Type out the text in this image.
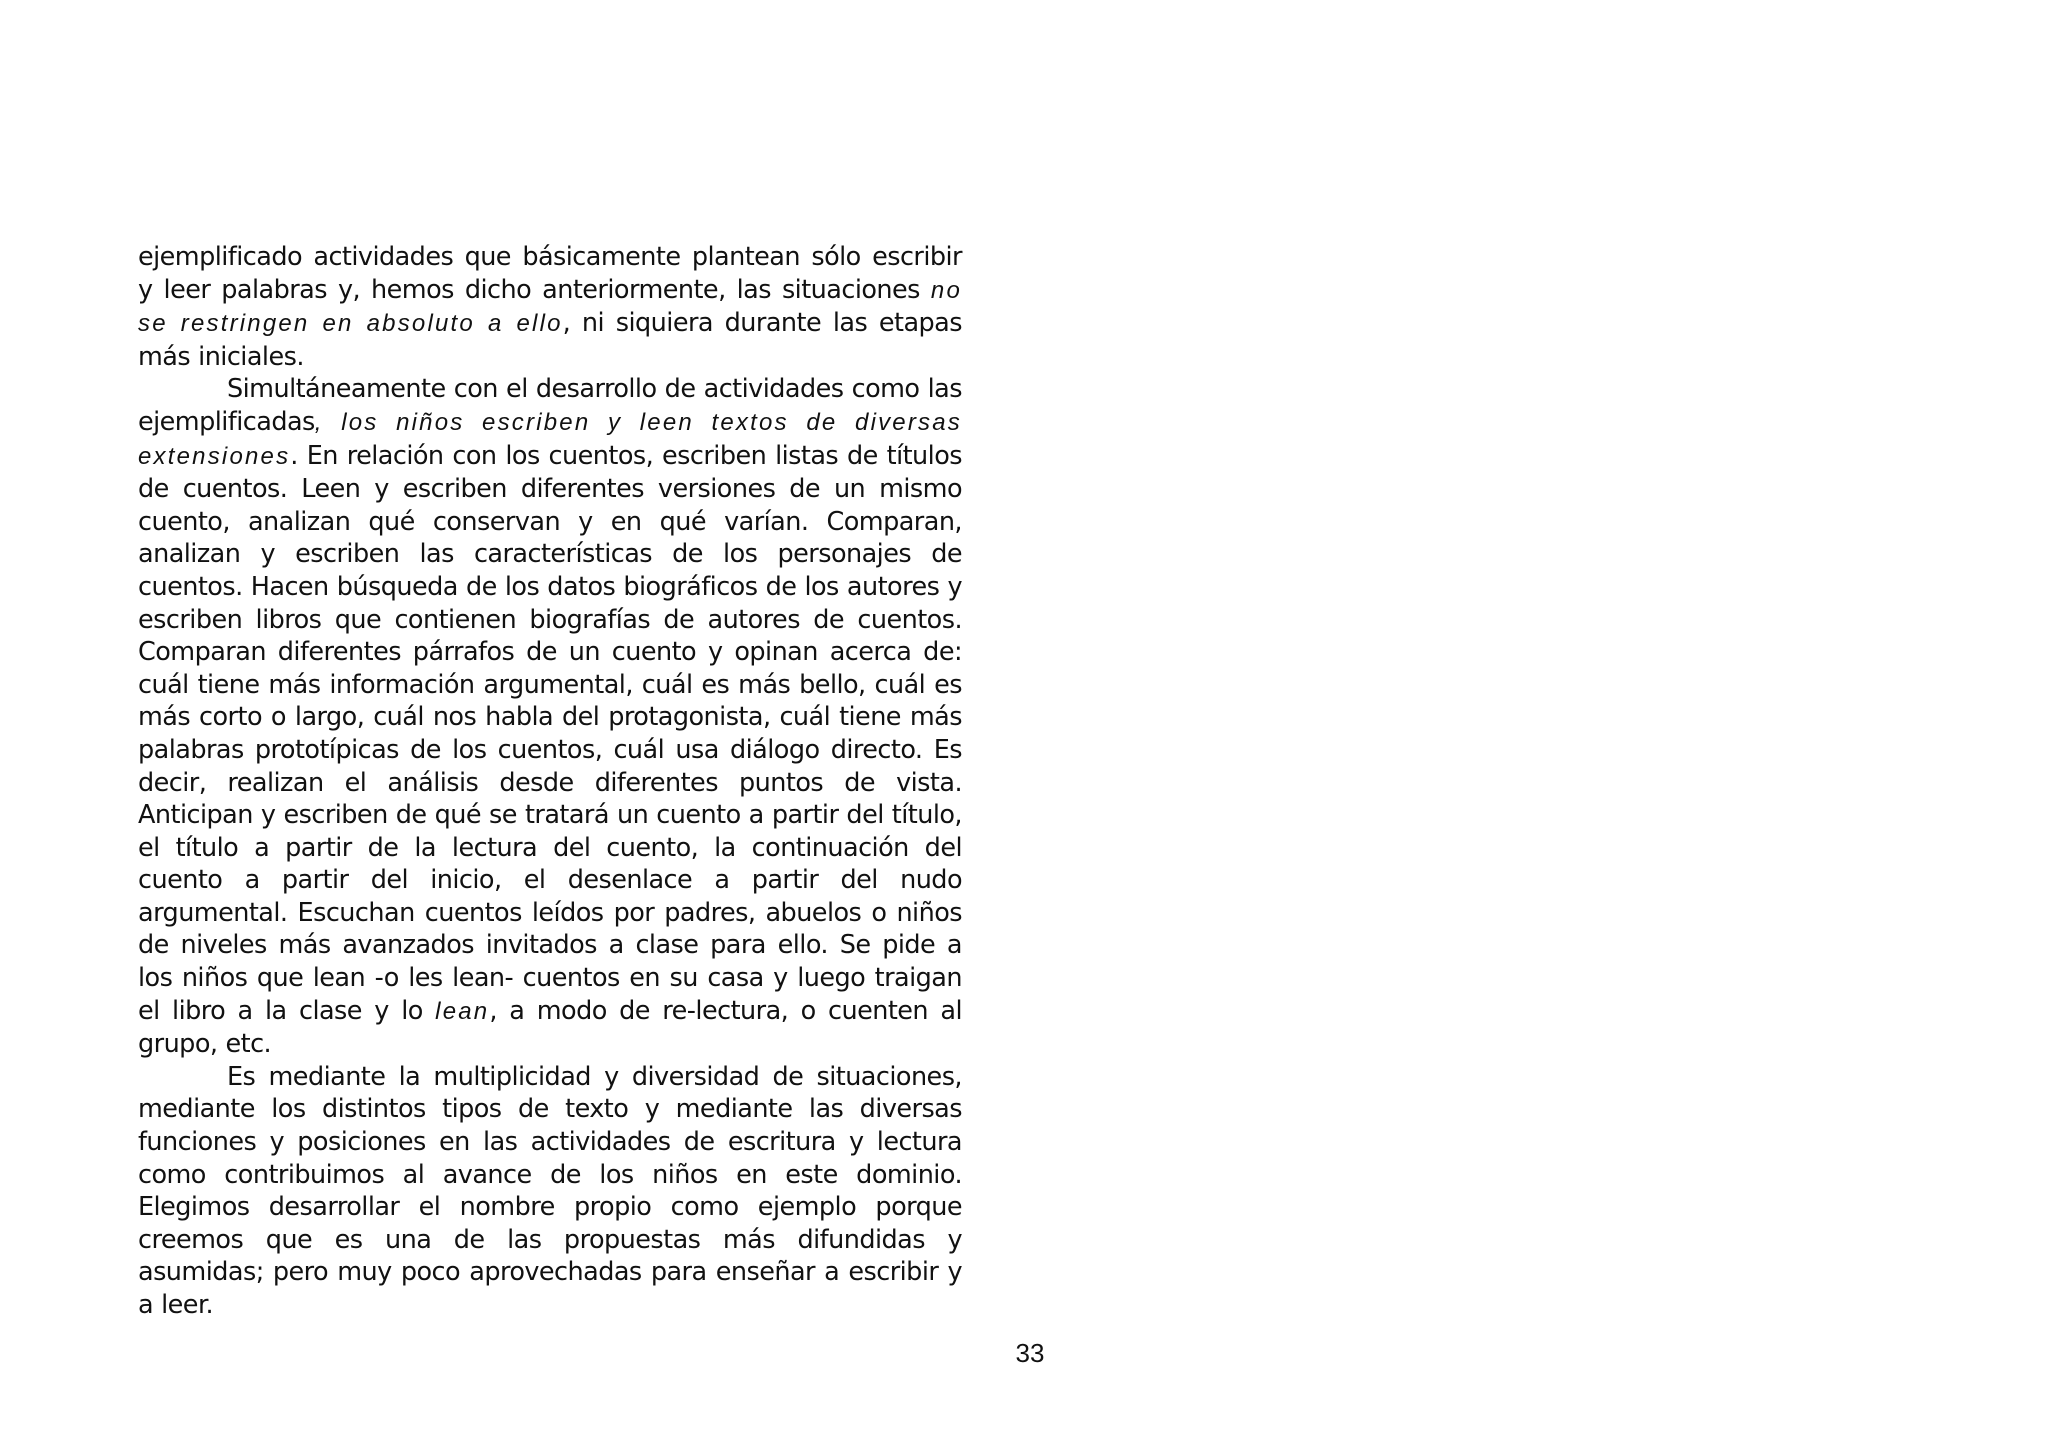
ejemplificado actividades que básicamente plantean sólo escribir y leer palabras y, hemos dicho anteriormente, las situaciones no se restringen en absoluto a ello, ni siquiera durante las etapas más iniciales.

Simultáneamente con el desarrollo de actividades como las ejemplificadas, los niños escriben y leen textos de diversas extensiones. En relación con los cuentos, escriben listas de títulos de cuentos. Leen y escriben diferentes versiones de un mismo cuento, analizan qué conservan y en qué varían. Comparan, analizan y escriben las características de los personajes de cuentos. Hacen búsqueda de los datos biográficos de los autores y escriben libros que contienen biografías de autores de cuentos. Comparan diferentes párrafos de un cuento y opinan acerca de: cuál tiene más información argumental, cuál es más bello, cuál es más corto o largo, cuál nos habla del protagonista, cuál tiene más palabras prototípicas de los cuentos, cuál usa diálogo directo. Es decir, realizan el análisis desde diferentes puntos de vista. Anticipan y escriben de qué se tratará un cuento a partir del título, el título a partir de la lectura del cuento, la continuación del cuento a partir del inicio, el desenlace a partir del nudo argumental. Escuchan cuentos leídos por padres, abuelos o niños de niveles más avanzados invitados a clase para ello. Se pide a los niños que lean -o les lean- cuentos en su casa y luego traigan el libro a la clase y lo lean, a modo de re-lectura, o cuenten al grupo, etc.

Es mediante la multiplicidad y diversidad de situaciones, mediante los distintos tipos de texto y mediante las diversas funciones y posiciones en las actividades de escritura y lectura como contribuimos al avance de los niños en este dominio. Elegimos desarrollar el nombre propio como ejemplo porque creemos que es una de las propuestas más difundidas y asumidas; pero muy poco aprovechadas para enseñar a escribir y a leer.

33
